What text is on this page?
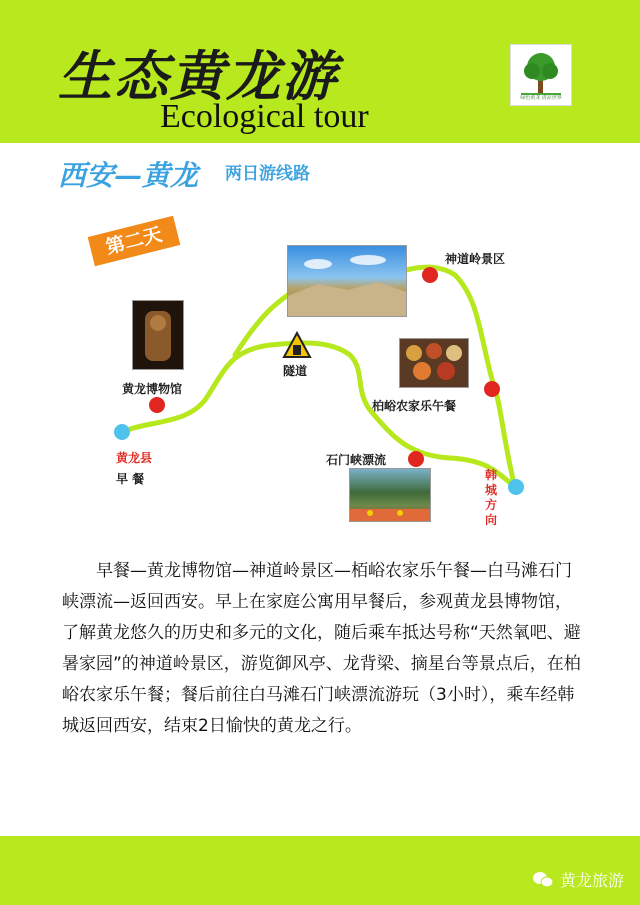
生态黄龙游
Ecological tour	绿色黄龙 清凉世界
西安—黄龙 两日游线路
第二天
神道岭景区
隧道
黄龙博物馆
柏峪农家乐午餐
黄龙县
早 餐
石门峡漂流
韩城方向

早餐—黄龙博物馆—神道岭景区—栢峪农家乐午餐—白马滩石门峡漂流—返回西安。早上在家庭公寓用早餐后，参观黄龙县博物馆，了解黄龙悠久的历史和多元的文化，随后乘车抵达号称“天然氧吧、避暑家园”的神道岭景区，游览御风亭、龙背梁、摘星台等景点后，在柏峪农家乐午餐；餐后前往白马滩石门峡漂流游玩（3小时），乘车经韩城返回西安，结束2日愉快的黄龙之行。

黄龙旅游
